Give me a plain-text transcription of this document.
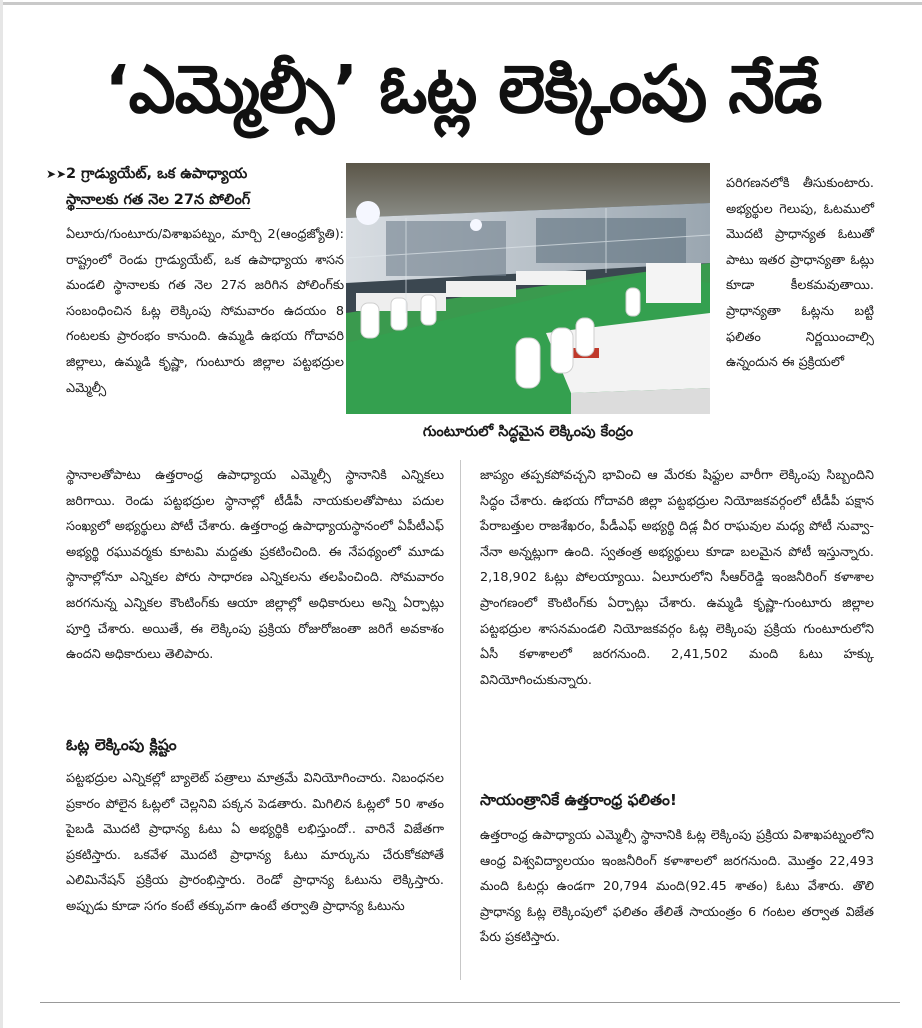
‘ఎమ్మెల్సీ’ ఓట్ల లెక్కింపు నేడే
➤➤ 2 గ్రాడ్యుయేట్‌, ఒక ఉపాధ్యాయ
స్థానాలకు గత నెల 27న పోలింగ్‌
గుంటూరులో సిద్ధమైన లెక్కింపు కేంద్రం
ఏలూరు/గుంటూరు/విశాఖపట్నం, మార్చి 2(ఆంధ్రజ్యోతి): రాష్ట్రంలో రెండు గ్రాడ్యుయేట్‌, ఒక ఉపాధ్యాయ శాసన మండలి స్థానాలకు గత నెల 27న జరిగిన పోలింగ్‌కు సంబంధించిన ఓట్ల లెక్కింపు సోమవారం ఉదయం 8 గంటలకు ప్రారంభం కానుంది. ఉమ్మడి ఉభయ గోదావరి జిల్లాలు, ఉమ్మడి కృష్ణా, గుంటూరు జిల్లాల పట్టభద్రుల ఎమ్మెల్సీ
స్థానాలతోపాటు ఉత్తరాంధ్ర ఉపాధ్యాయ ఎమ్మెల్సీ స్థానానికి ఎన్నికలు జరిగాయి. రెండు పట్టభద్రుల స్థానాల్లో టీడీపీ నాయకులతోపాటు పదుల సంఖ్యలో అభ్యర్థులు పోటీ చేశారు. ఉత్తరాంధ్ర ఉపాధ్యాయస్థానంలో ఏపీటీఎఫ్‌ అభ్యర్థి రఘువర్మకు కూటమి మద్దతు ప్రకటించింది. ఈ నేపథ్యంలో మూడు స్థానాల్లోనూ ఎన్నికల పోరు సాధారణ ఎన్నికలను తలపించింది. సోమవారం జరగనున్న ఎన్నికల కౌంటింగ్‌కు ఆయా జిల్లాల్లో అధికారులు అన్ని ఏర్పాట్లు పూర్తి చేశారు. అయితే, ఈ లెక్కింపు ప్రక్రియ రోజురోజంతా జరిగే అవకాశం ఉందని అధికారులు తెలిపారు.
ఓట్ల లెక్కింపు క్లిష్టం
పట్టభద్రుల ఎన్నికల్లో బ్యాలెట్‌ పత్రాలు మాత్రమే వినియోగించారు. నిబంధనల ప్రకారం పోలైన ఓట్లలో చెల్లనివి పక్కన పెడతారు. మిగిలిన ఓట్లలో 50 శాతం పైబడి మొదటి ప్రాధాన్య ఓటు ఏ అభ్యర్థికి లభిస్తుందో.. వారినే విజేతగా ప్రకటిస్తారు. ఒకవేళ మొదటి ప్రాధాన్య ఓటు మార్కును చేరుకోకపోతే ఎలిమినేషన్‌ ప్రక్రియ ప్రారంభిస్తారు. రెండో ప్రాధాన్య ఓటును లెక్కిస్తారు. అప్పుడు కూడా సగం కంటే తక్కువగా ఉంటే తర్వాతి ప్రాధాన్య ఓటును
పరిగణనలోకి తీసుకుంటారు. అభ్యర్థుల గెలుపు, ఓటములో మొదటి ప్రాధాన్యత ఓటుతో పాటు ఇతర ప్రాధాన్యతా ఓట్లు కూడా కీలకమవుతాయి. ప్రాధాన్యతా ఓట్లను బట్టి ఫలితం నిర్ణయించాల్సి ఉన్నందున ఈ ప్రక్రియలో
జాప్యం తప్పకపోవచ్చని భావించి ఆ మేరకు షిఫ్టుల వారీగా లెక్కింపు సిబ్బందిని సిద్ధం చేశారు. ఉభయ గోదావరి జిల్లా పట్టభద్రుల నియోజకవర్గంలో టీడీపీ పక్షాన పేరాబత్తుల రాజశేఖరం, పీడీఎఫ్‌ అభ్యర్థి దిడ్ల వీర రాఘవుల మధ్య పోటీ నువ్వా-నేనా అన్నట్లుగా ఉంది. స్వతంత్ర అభ్యర్థులు కూడా బలమైన పోటీ ఇస్తున్నారు. 2,18,902 ఓట్లు పోలయ్యాయి. ఏలూరులోని సీఆర్‌రెడ్డి ఇంజనీరింగ్‌ కళాశాల ప్రాంగణంలో కౌంటింగ్‌కు ఏర్పాట్లు చేశారు. ఉమ్మడి కృష్ణా-గుంటూరు జిల్లాల పట్టభద్రుల శాసనమండలి నియోజకవర్గం ఓట్ల లెక్కింపు ప్రక్రియ గుంటూరులోని ఏసీ కళాశాలలో జరగనుంది. 2,41,502 మంది ఓటు హక్కు వినియోగించుకున్నారు.
సాయంత్రానికే ఉత్తరాంధ్ర ఫలితం!
ఉత్తరాంధ్ర ఉపాధ్యాయ ఎమ్మెల్సీ స్థానానికి ఓట్ల లెక్కింపు ప్రక్రియ విశాఖపట్నంలోని ఆంధ్ర విశ్వవిద్యాలయం ఇంజనీరింగ్‌ కళాశాలలో జరగనుంది. మొత్తం 22,493 మంది ఓటర్లు ఉండగా 20,794 మంది(92.45 శాతం) ఓటు వేశారు. తొలి ప్రాధాన్య ఓట్ల లెక్కింపులో ఫలితం తేలితే సాయంత్రం 6 గంటల తర్వాత విజేత పేరు ప్రకటిస్తారు.
